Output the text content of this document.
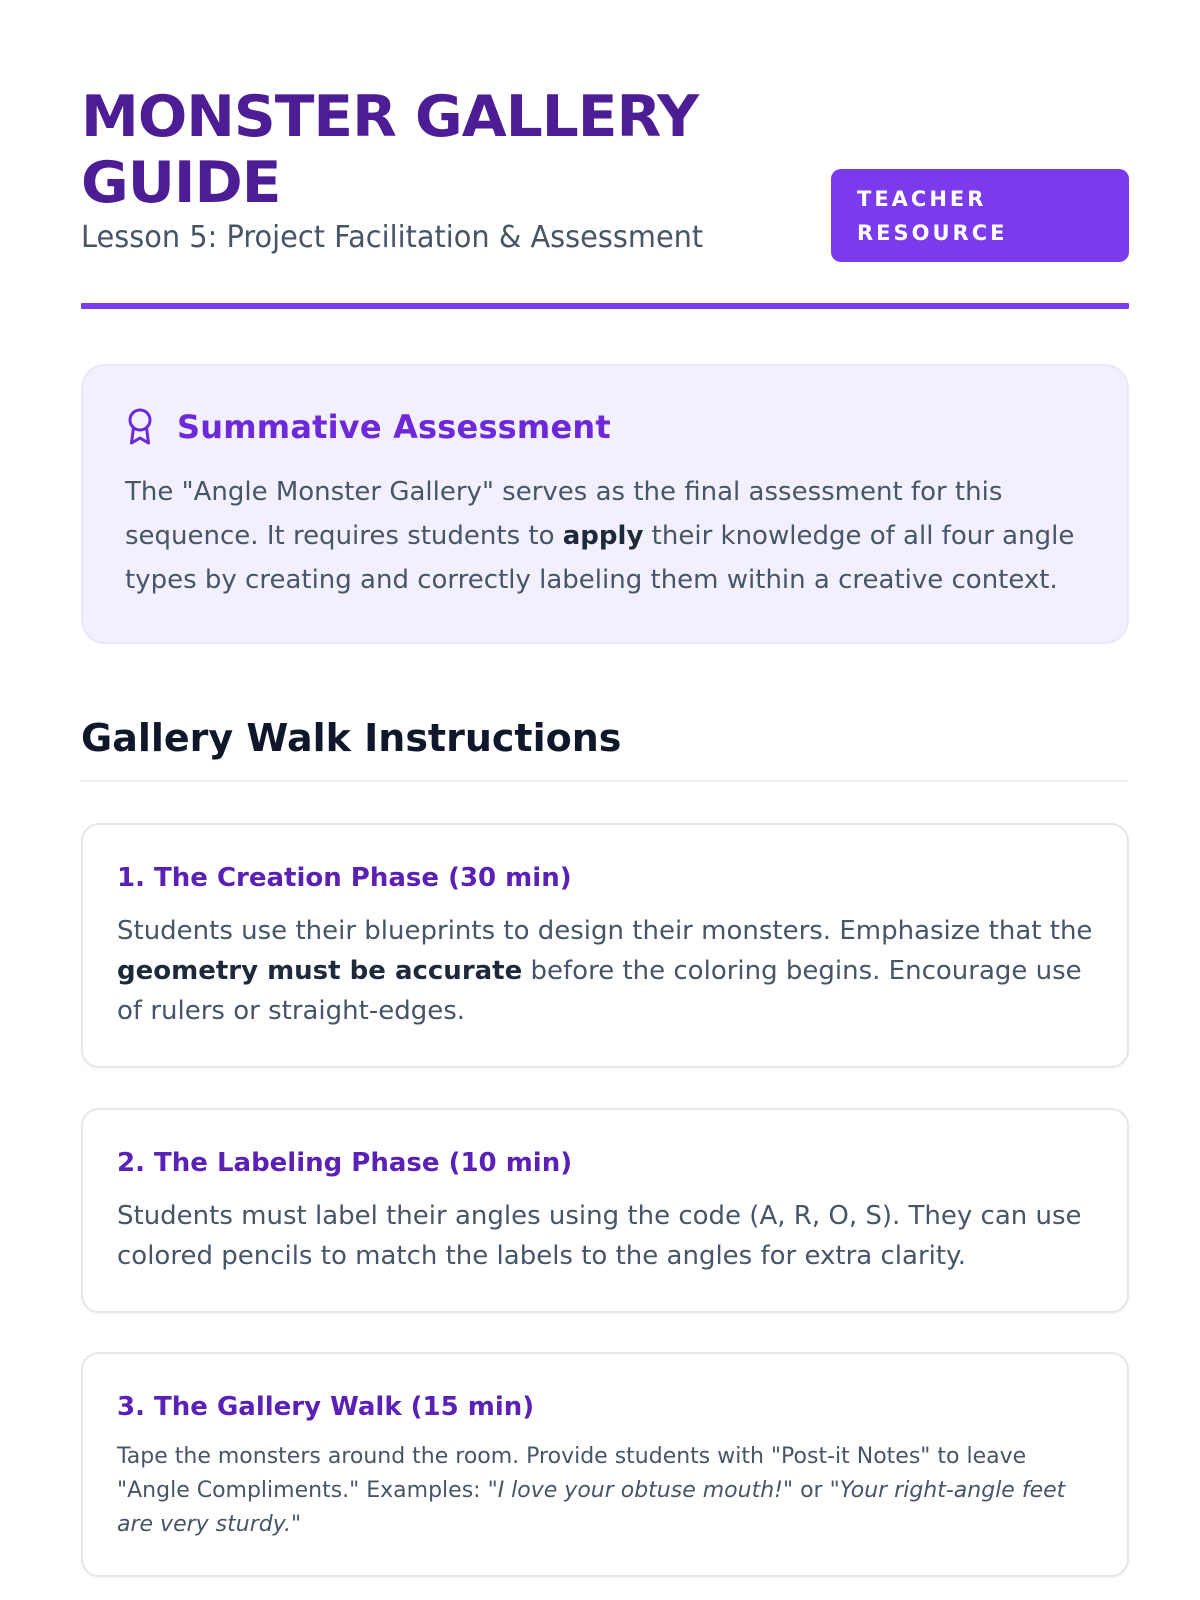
MONSTER GALLERY GUIDE
Lesson 5: Project Facilitation & Assessment
TEACHER RESOURCE
Summative Assessment
The "Angle Monster Gallery" serves as the final assessment for this sequence. It requires students to apply their knowledge of all four angle types by creating and correctly labeling them within a creative context.
Gallery Walk Instructions
1. The Creation Phase (30 min)
Students use their blueprints to design their monsters. Emphasize that the geometry must be accurate before the coloring begins. Encourage use of rulers or straight-edges.
2. The Labeling Phase (10 min)
Students must label their angles using the code (A, R, O, S). They can use colored pencils to match the labels to the angles for extra clarity.
3. The Gallery Walk (15 min)
Tape the monsters around the room. Provide students with "Post-it Notes" to leave "Angle Compliments." Examples: "I love your obtuse mouth!" or "Your right-angle feet are very sturdy."
